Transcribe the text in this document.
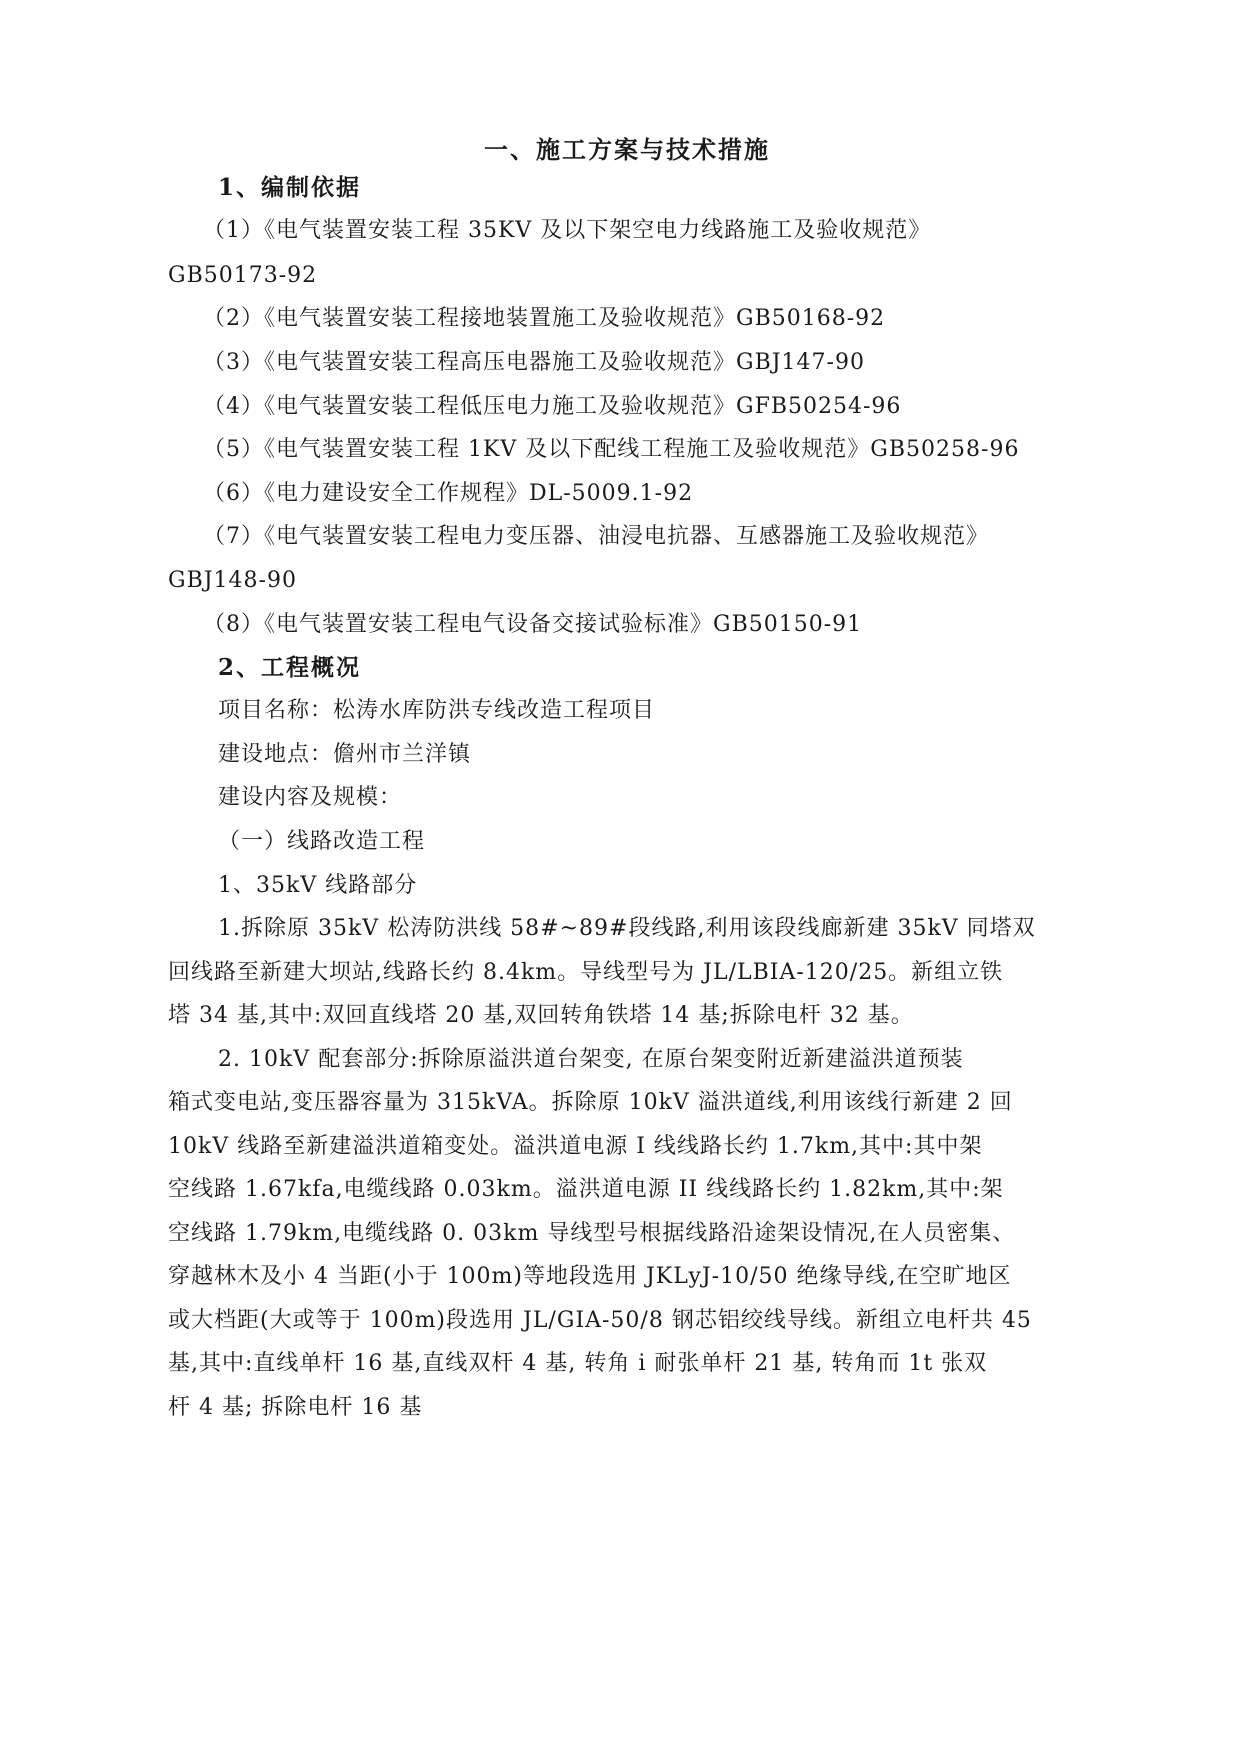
一、施工方案与技术措施
1、编制依据
（1）《电气装置安装工程 35KV 及以下架空电力线路施工及验收规范》
GB50173-92
（2）《电气装置安装工程接地装置施工及验收规范》GB50168-92
（3）《电气装置安装工程高压电器施工及验收规范》GBJ147-90
（4）《电气装置安装工程低压电力施工及验收规范》GFB50254-96
（5）《电气装置安装工程 1KV 及以下配线工程施工及验收规范》GB50258-96
（6）《电力建设安全工作规程》DL-5009.1-92
（7）《电气装置安装工程电力变压器、油浸电抗器、互感器施工及验收规范》
GBJ148-90
（8）《电气装置安装工程电气设备交接试验标准》GB50150-91
2、工程概况
项目名称：松涛水库防洪专线改造工程项目
建设地点：儋州市兰洋镇
建设内容及规模：
（一）线路改造工程
1、35kV 线路部分
1.拆除原 35kV 松涛防洪线 58#~89#段线路,利用该段线廊新建 35kV 同塔双
回线路至新建大坝站,线路长约 8.4km。导线型号为 JL/LBIA-120/25。新组立铁
塔 34 基,其中:双回直线塔 20 基,双回转角铁塔 14 基;拆除电杆 32 基。
2. 10kV 配套部分:拆除原溢洪道台架变, 在原台架变附近新建溢洪道预装
箱式变电站,变压器容量为 315kVA。拆除原 10kV 溢洪道线,利用该线行新建 2 回
10kV 线路至新建溢洪道箱变处。溢洪道电源 I 线线路长约 1.7km,其中:其中架
空线路 1.67kfa,电缆线路 0.03km。溢洪道电源 II 线线路长约 1.82km,其中:架
空线路 1.79km,电缆线路 0. 03km 导线型号根据线路沿途架设情况,在人员密集、
穿越林木及小 4 当距(小于 100m)等地段选用 JKLyJ-10/50 绝缘导线,在空旷地区
或大档距(大或等于 100m)段选用 JL/GIA-50/8 钢芯铝绞线导线。新组立电杆共 45
基,其中:直线单杆 16 基,直线双杆 4 基, 转角 i 耐张单杆 21 基, 转角而 1t 张双
杆 4 基; 拆除电杆 16 基
